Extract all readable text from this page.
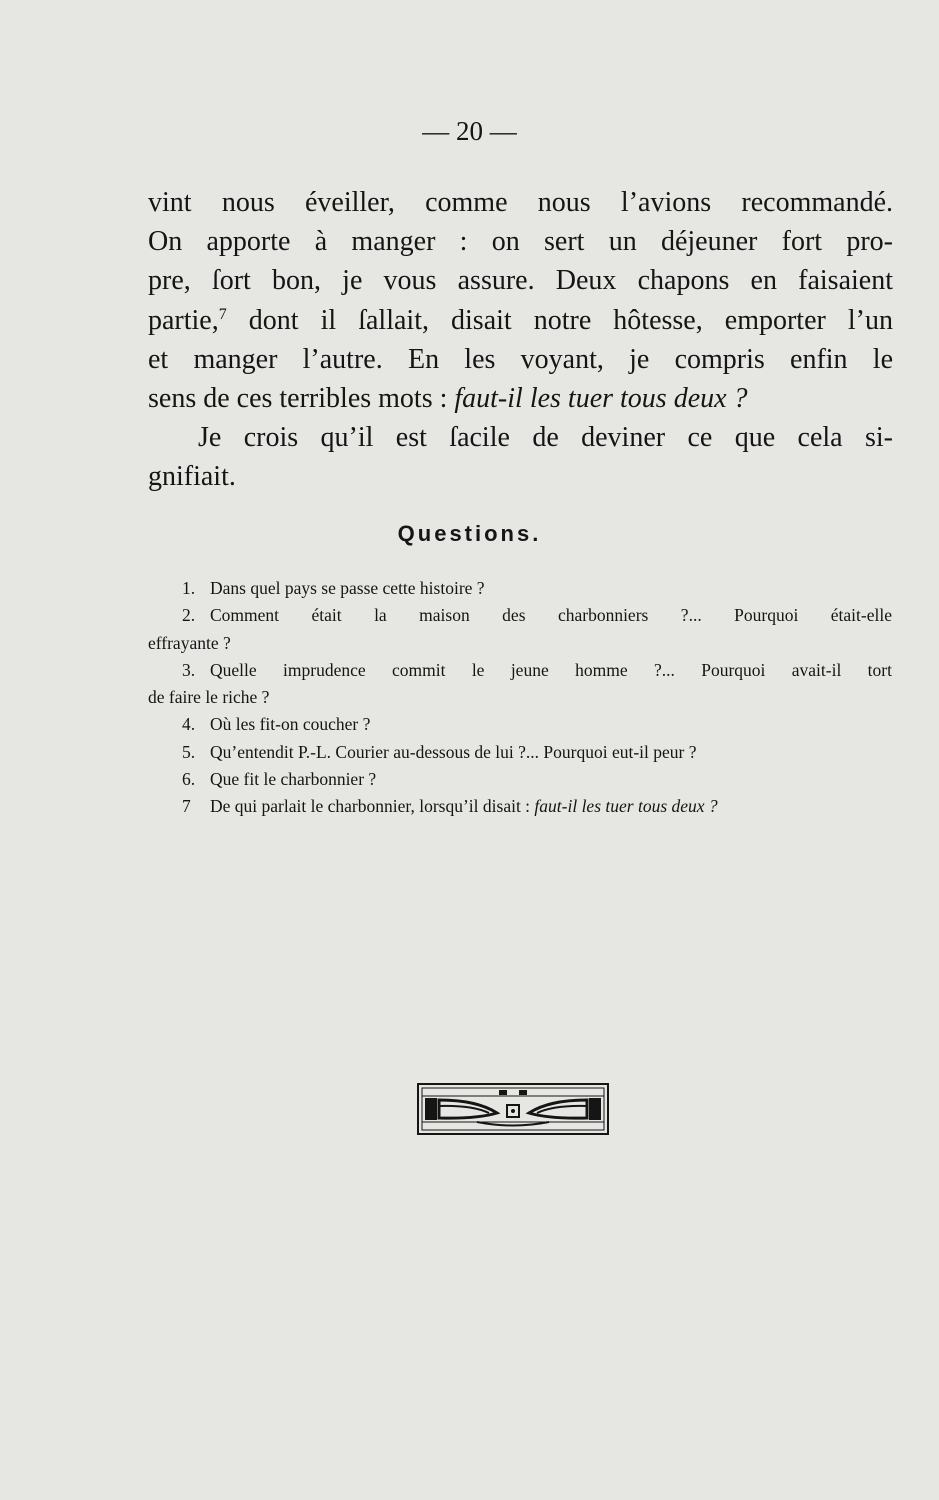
— 20 —
vint nous éveiller, comme nous l’avions recommandé.
On apporte à manger : on sert un déjeuner fort pro-
pre, ſort bon, je vous assure. Deux chapons en faisaient
partie,$^7$ dont il ſallait, disait notre hôtesse, emporter l’un
et manger l’autre. En les voyant, je compris enfin le
sens de ces terribles mots : faut-il les tuer tous deux ?
Je crois qu’il est ſacile de deviner ce que cela si-
gnifiait.
Questions.
1. Dans quel pays se passe cette histoire ?
2. Comment était la maison des charbonniers ?... Pourquoi était-elle
effrayante ?
3. Quelle imprudence commit le jeune homme ?... Pourquoi avait-il tort
de faire le riche ?
4. Où les fit-on coucher ?
5. Qu’entendit P.-L. Courier au-dessous de lui ?... Pourquoi eut-il peur ?
6. Que fit le charbonnier ?
7 De qui parlait le charbonnier, lorsqu’il disait : faut-il les tuer tous deux ?
